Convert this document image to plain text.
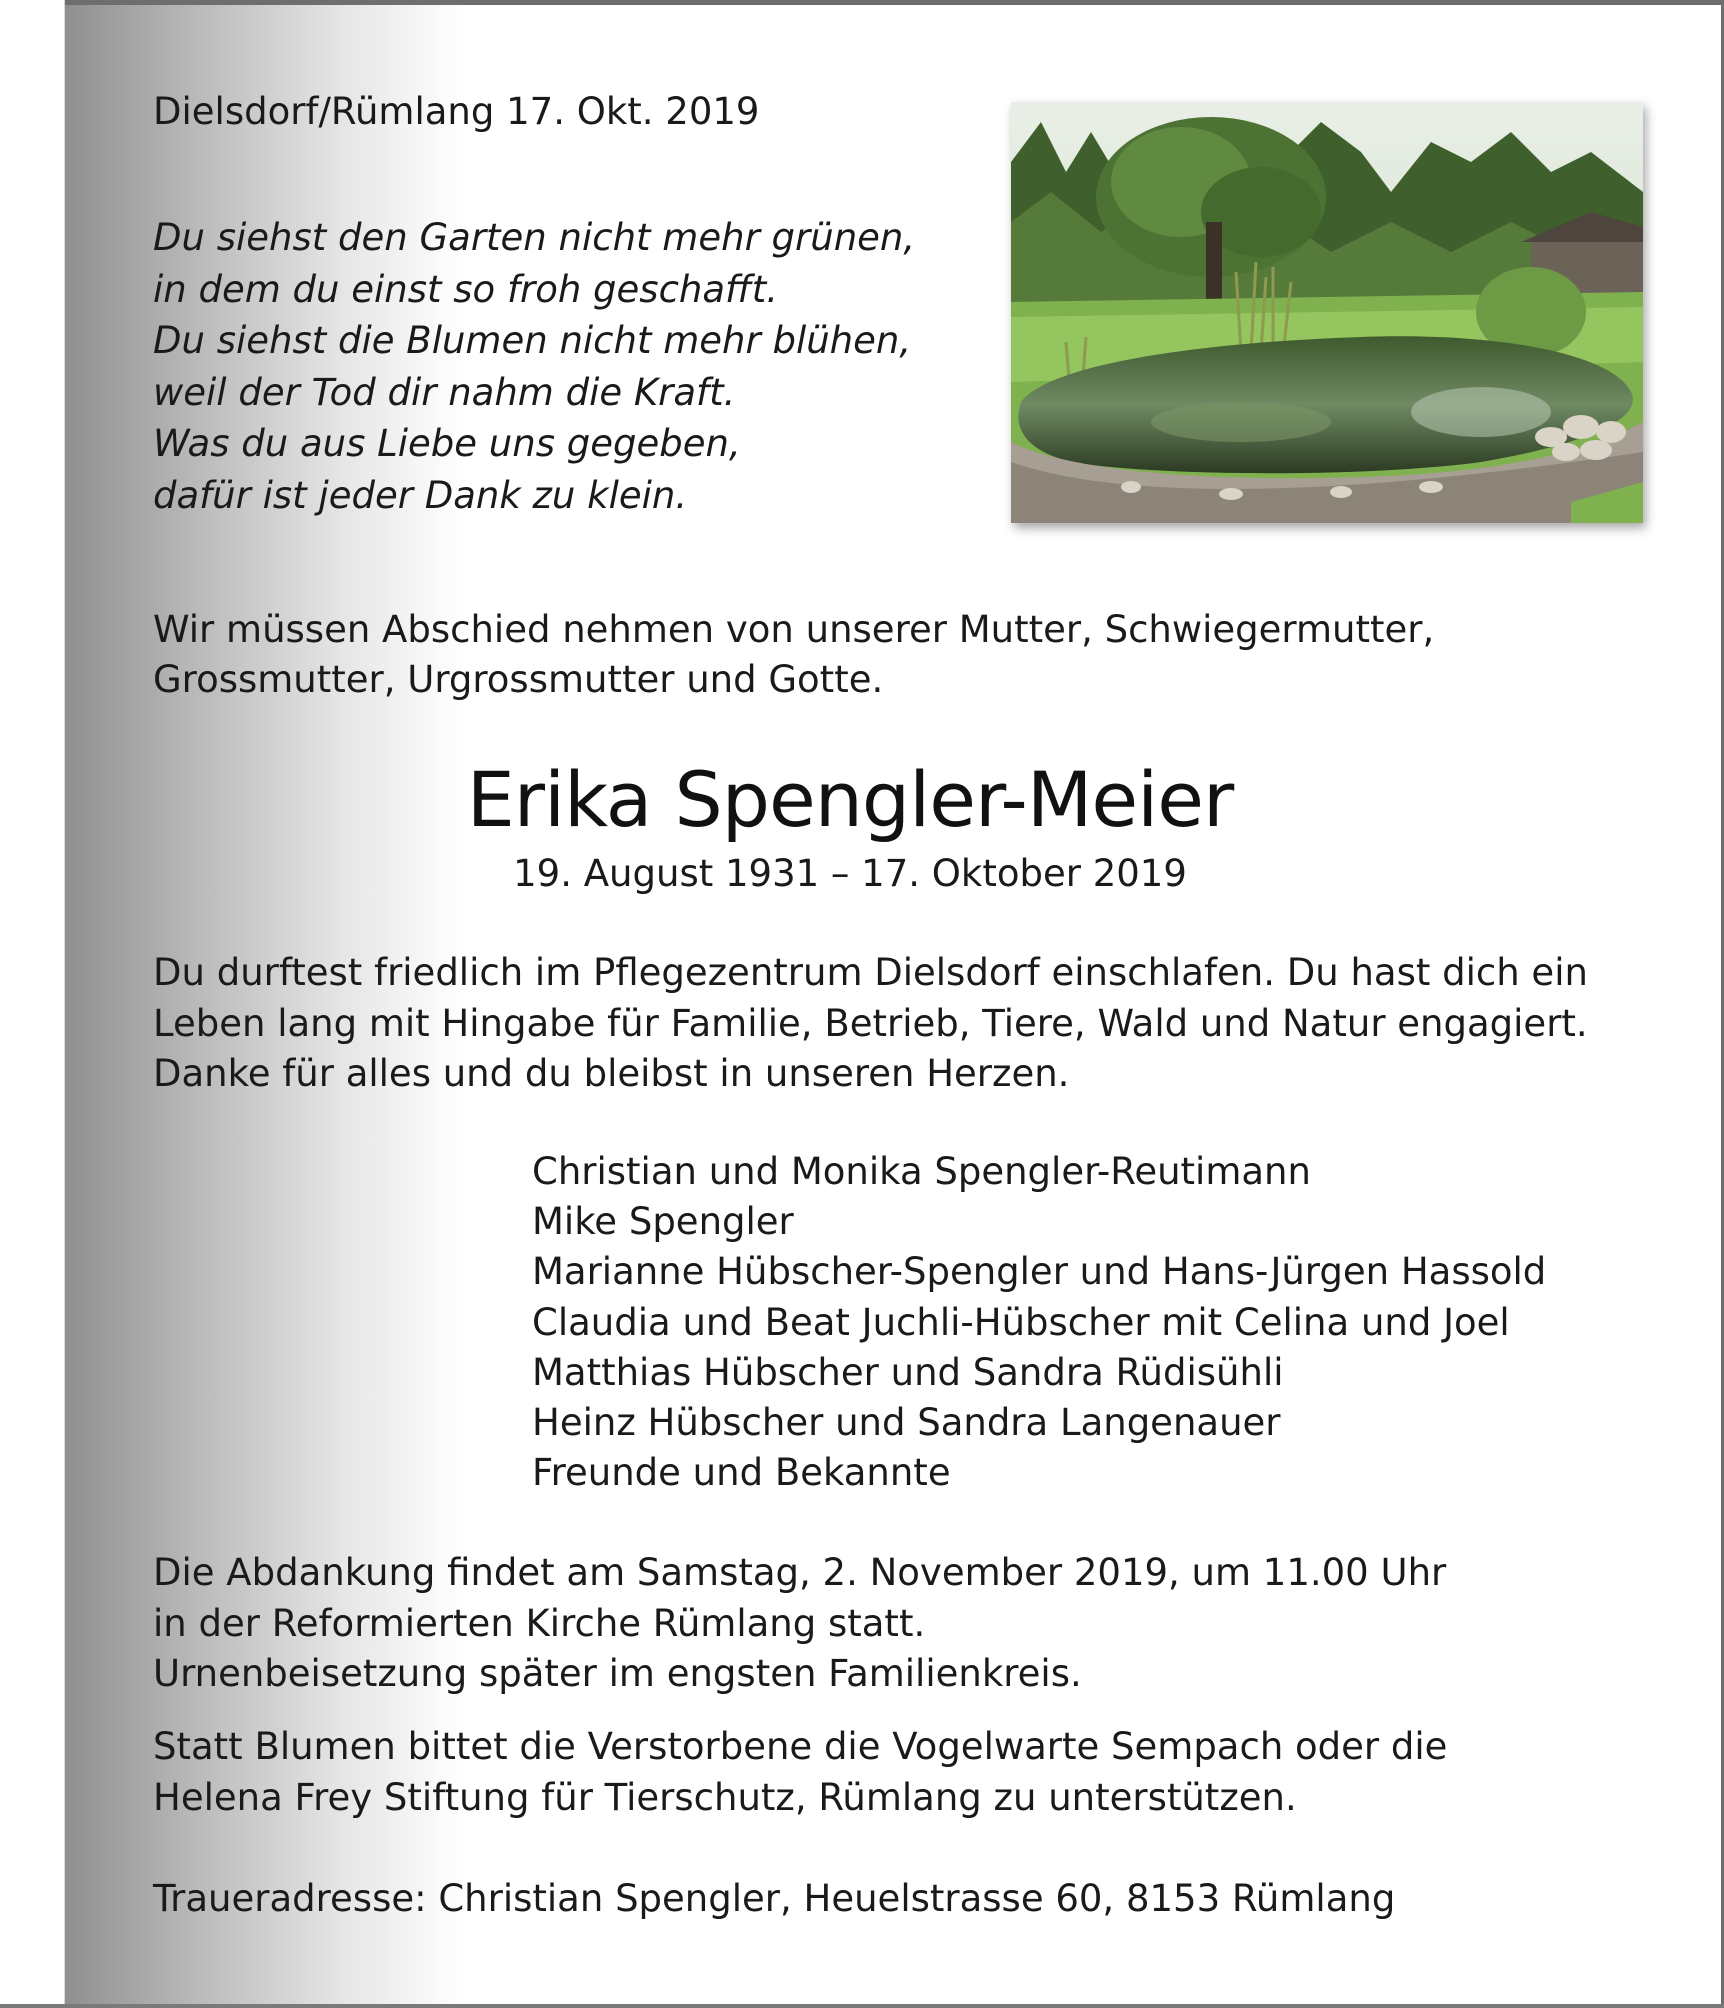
Dielsdorf/Rümlang 17. Okt. 2019
Du siehst den Garten nicht mehr grünen,
in dem du einst so froh geschafft.
Du siehst die Blumen nicht mehr blühen,
weil der Tod dir nahm die Kraft.
Was du aus Liebe uns gegeben,
dafür ist jeder Dank zu klein.
Wir müssen Abschied nehmen von unserer Mutter, Schwiegermutter,
Grossmutter, Urgrossmutter und Gotte.
Erika Spengler-Meier
19. August 1931 – 17. Oktober 2019
Du durftest friedlich im Pflegezentrum Dielsdorf einschlafen. Du hast dich ein
Leben lang mit Hingabe für Familie, Betrieb, Tiere, Wald und Natur engagiert.
Danke für alles und du bleibst in unseren Herzen.
Christian und Monika Spengler-Reutimann
Mike Spengler
Marianne Hübscher-Spengler und Hans-Jürgen Hassold
Claudia und Beat Juchli-Hübscher mit Celina und Joel
Matthias Hübscher und Sandra Rüdisühli
Heinz Hübscher und Sandra Langenauer
Freunde und Bekannte
Die Abdankung findet am Samstag, 2. November 2019, um 11.00 Uhr
in der Reformierten Kirche Rümlang statt.
Urnenbeisetzung später im engsten Familienkreis.
Statt Blumen bittet die Verstorbene die Vogelwarte Sempach oder die
Helena Frey Stiftung für Tierschutz, Rümlang zu unterstützen.
Traueradresse: Christian Spengler, Heuelstrasse 60, 8153 Rümlang
